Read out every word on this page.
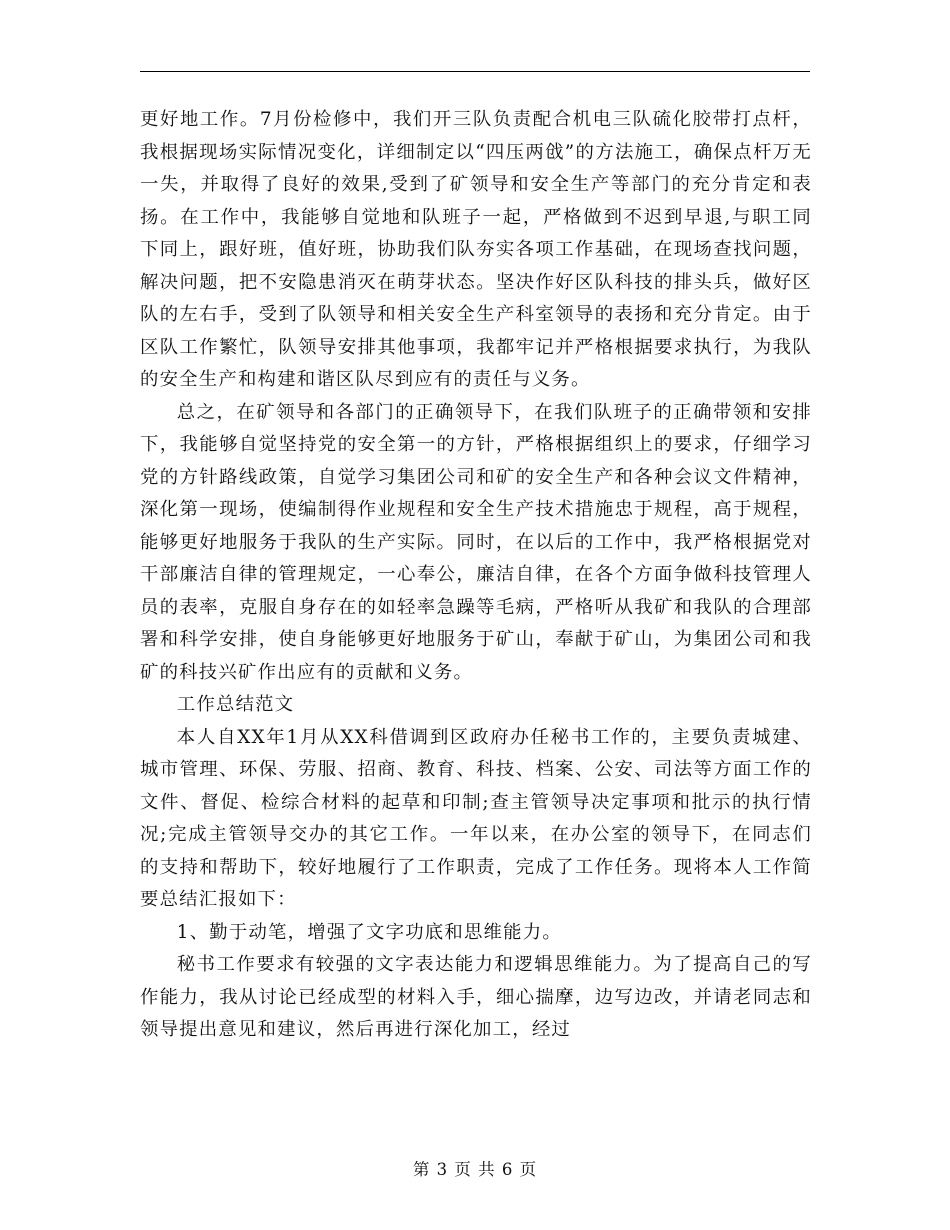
更好地工作。7月份检修中，我们开三队负责配合机电三队硫化胶带打点杆，我根据现场实际情况变化，详细制定以“四压两戗”的方法施工，确保点杆万无一失，并取得了良好的效果,受到了矿领导和安全生产等部门的充分肯定和表扬。在工作中，我能够自觉地和队班子一起，严格做到不迟到早退,与职工同下同上，跟好班，值好班，协助我们队夯实各项工作基础，在现场查找问题，解决问题，把不安隐患消灭在萌芽状态。坚决作好区队科技的排头兵，做好区队的左右手，受到了队领导和相关安全生产科室领导的表扬和充分肯定。由于区队工作繁忙，队领导安排其他事项，我都牢记并严格根据要求执行，为我队的安全生产和构建和谐区队尽到应有的责任与义务。

总之，在矿领导和各部门的正确领导下，在我们队班子的正确带领和安排下，我能够自觉坚持党的安全第一的方针，严格根据组织上的要求，仔细学习党的方针路线政策，自觉学习集团公司和矿的安全生产和各种会议文件精神，深化第一现场，使编制得作业规程和安全生产技术措施忠于规程，高于规程，能够更好地服务于我队的生产实际。同时，在以后的工作中，我严格根据党对干部廉洁自律的管理规定，一心奉公，廉洁自律，在各个方面争做科技管理人员的表率，克服自身存在的如轻率急躁等毛病，严格听从我矿和我队的合理部署和科学安排，使自身能够更好地服务于矿山，奉献于矿山，为集团公司和我矿的科技兴矿作出应有的贡献和义务。

工作总结范文

本人自XX年1月从XX科借调到区政府办任秘书工作的，主要负责城建、城市管理、环保、劳服、招商、教育、科技、档案、公安、司法等方面工作的文件、督促、检综合材料的起草和印制;查主管领导决定事项和批示的执行情况;完成主管领导交办的其它工作。一年以来，在办公室的领导下，在同志们的支持和帮助下，较好地履行了工作职责，完成了工作任务。现将本人工作简要总结汇报如下：

1、勤于动笔，增强了文字功底和思维能力。

秘书工作要求有较强的文字表达能力和逻辑思维能力。为了提高自己的写作能力，我从讨论已经成型的材料入手，细心揣摩，边写边改，并请老同志和领导提出意见和建议，然后再进行深化加工，经过

第 3 页 共 6 页
